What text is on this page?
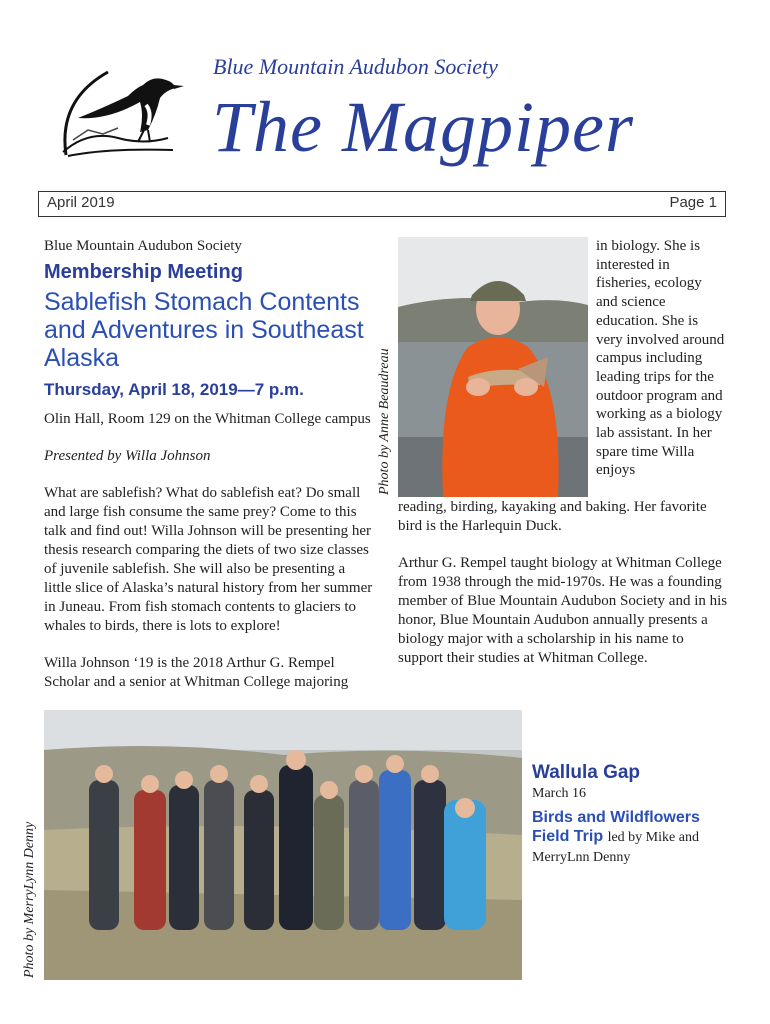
Blue Mountain Audubon Society
The Magpiper
April 2019	Page 1

Blue Mountain Audubon Society

Membership Meeting

Sablefish Stomach Contents and Adventures in Southeast Alaska

Thursday, April 18, 2019—7 p.m.

Olin Hall, Room 129 on the Whitman College campus

Presented by Willa Johnson

What are sablefish? What do sablefish eat? Do small and large fish consume the same prey? Come to this talk and find out! Willa Johnson will be presenting her thesis research comparing the diets of two size classes of juvenile sablefish. She will also be presenting a little slice of Alaska’s natural history from her summer in Juneau. From fish stomach contents to glaciers to whales to birds, there is lots to explore!

Willa Johnson ‘19 is the 2018 Arthur G. Rempel Scholar and a senior at Whitman College majoring

Photo by Anne Beaudreau
in biology. She is interested in fisheries, ecology and science education. She is very involved around campus including leading trips for the outdoor program and working as a biology lab assistant. In her spare time Willa enjoys

reading, birding, kayaking and baking. Her favorite bird is the Harlequin Duck.

Arthur G. Rempel taught biology at Whitman College from 1938 through the mid-1970s. He was a founding member of Blue Mountain Audubon Society and in his honor, Blue Mountain Audubon annually presents a biology major with a scholarship in his name to support their studies at Whitman College.

Photo by MerryLynn Denny

Wallula Gap

March 16

Birds and Wildflowers Field Trip led by Mike and MerryLnn Denny
